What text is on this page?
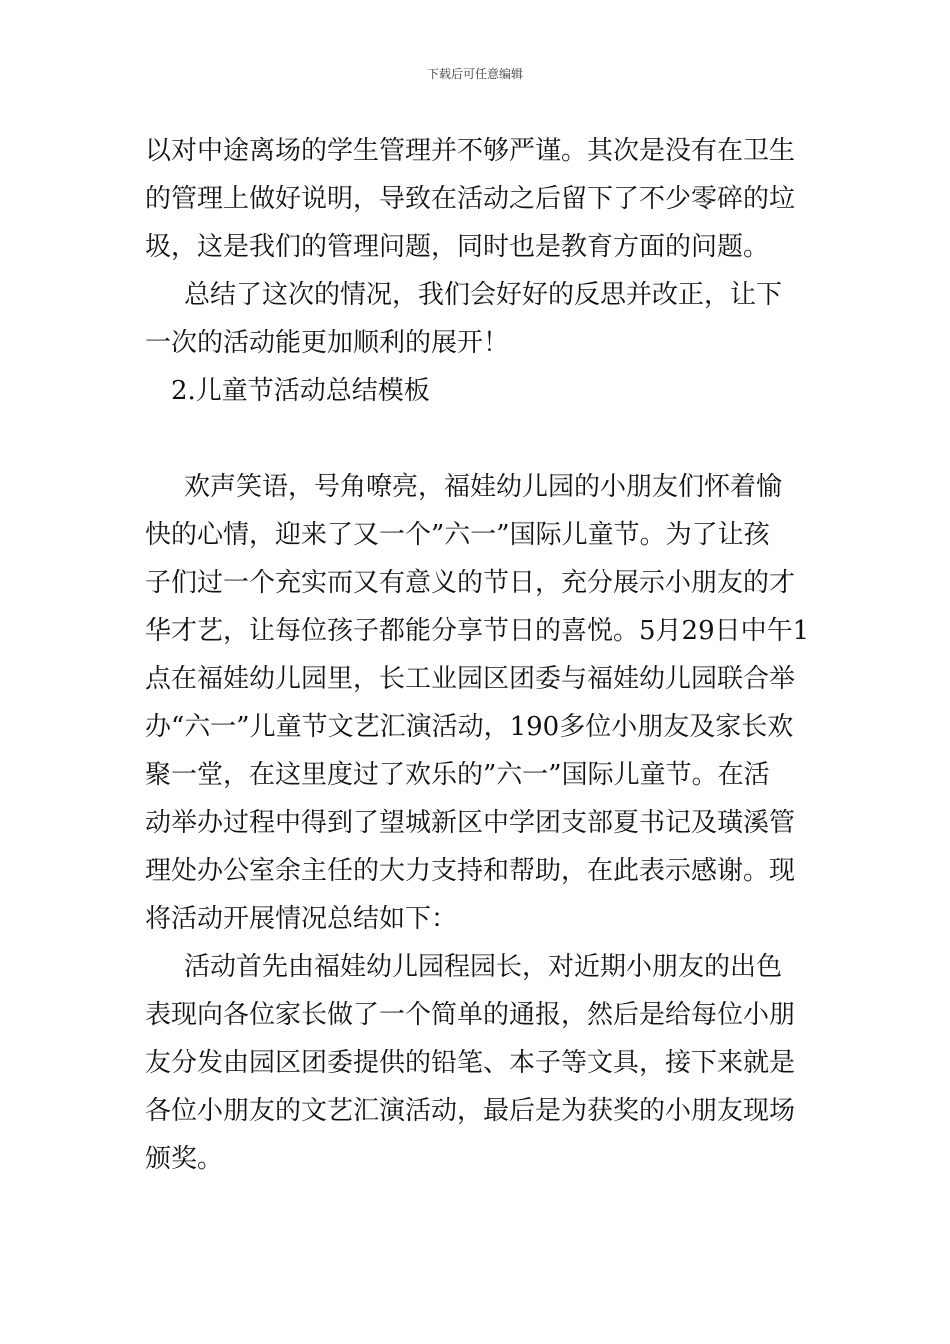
下载后可任意编辑
以对中途离场的学生管理并不够严谨。其次是没有在卫生
的管理上做好说明，导致在活动之后留下了不少零碎的垃
圾，这是我们的管理问题，同时也是教育方面的问题。
总结了这次的情况，我们会好好的反思并改正，让下
一次的活动能更加顺利的展开！
2.儿童节活动总结模板
欢声笑语，号角嘹亮，福娃幼儿园的小朋友们怀着愉
快的心情，迎来了又一个”六一”国际儿童节。为了让孩
子们过一个充实而又有意义的节日，充分展示小朋友的才
华才艺，让每位孩子都能分享节日的喜悦。5月29日中午1
点在福娃幼儿园里，长工业园区团委与福娃幼儿园联合举
办“六一”儿童节文艺汇演活动，190多位小朋友及家长欢
聚一堂，在这里度过了欢乐的”六一”国际儿童节。在活
动举办过程中得到了望城新区中学团支部夏书记及璜溪管
理处办公室余主任的大力支持和帮助，在此表示感谢。现
将活动开展情况总结如下：
活动首先由福娃幼儿园程园长，对近期小朋友的出色
表现向各位家长做了一个简单的通报，然后是给每位小朋
友分发由园区团委提供的铅笔、本子等文具，接下来就是
各位小朋友的文艺汇演活动，最后是为获奖的小朋友现场
颁奖。
